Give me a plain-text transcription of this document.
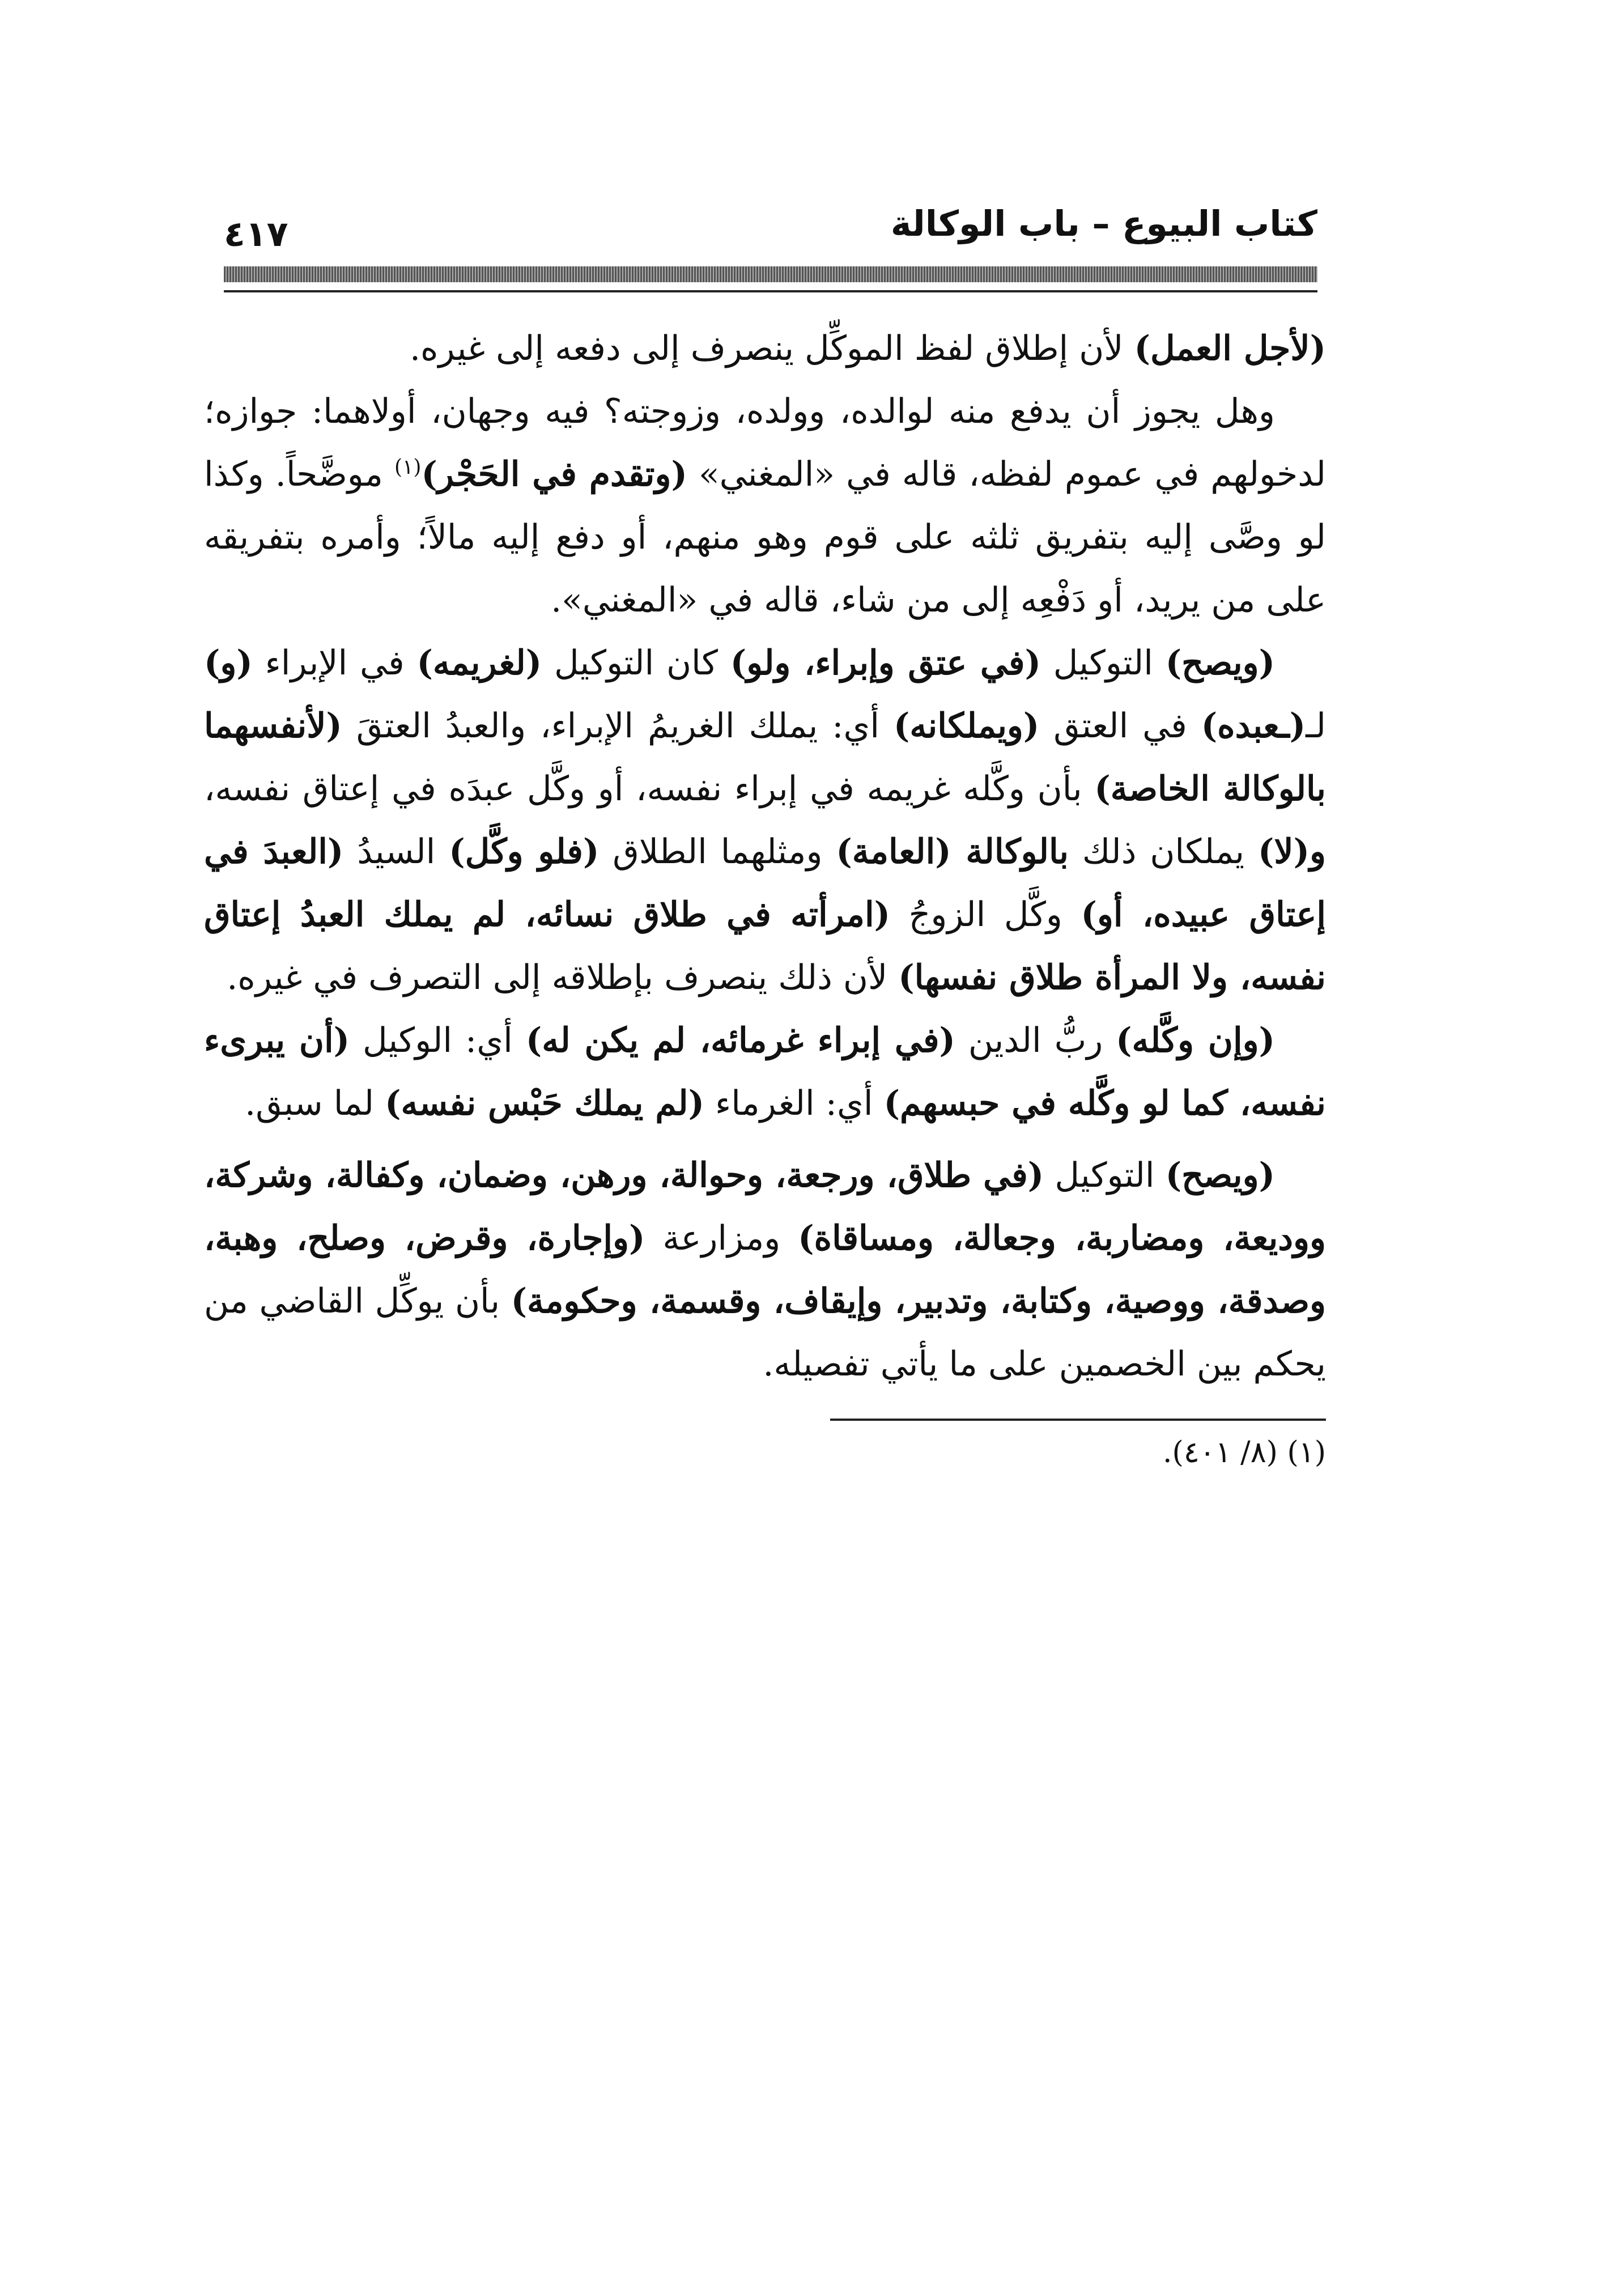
كتاب البيوع – باب الوكالة
٤١٧

(لأجل العمل) لأن إطلاق لفظ الموكِّل ينصرف إلى دفعه إلى غيره.

وهل يجوز أن يدفع منه لوالده، وولده، وزوجته؟ فيه وجهان، أولاهما: جوازه؛ لدخولهم في عموم لفظه، قاله في «المغني» (وتقدم في الحَجْر)$^{(١)}$ موضَّحاً. وكذا لو وصَّى إليه بتفريق ثلثه على قوم وهو منهم، أو دفع إليه مالاً؛ وأمره بتفريقه على من يريد، أو دَفْعِه إلى من شاء، قاله في «المغني».

(ويصح) التوكيل (في عتق وإبراء، ولو) كان التوكيل (لغريمه) في الإبراء (و) لـ(ـعبده) في العتق (ويملكانه) أي: يملك الغريمُ الإبراء، والعبدُ العتقَ (لأنفسهما بالوكالة الخاصة) بأن وكَّله غريمه في إبراء نفسه، أو وكَّل عبدَه في إعتاق نفسه، و(لا) يملكان ذلك بالوكالة (العامة) ومثلهما الطلاق (فلو وكَّل) السيدُ (العبدَ في إعتاق عبيده، أو) وكَّل الزوجُ (امرأته في طلاق نسائه، لم يملك العبدُ إعتاق نفسه، ولا المرأة طلاق نفسها) لأن ذلك ينصرف بإطلاقه إلى التصرف في غيره.

(وإن وكَّله) ربُّ الدين (في إبراء غرمائه، لم يكن له) أي: الوكيل (أن يبرىء نفسه، كما لو وكَّله في حبسهم) أي: الغرماء (لم يملك حَبْس نفسه) لما سبق.

(ويصح) التوكيل (في طلاق، ورجعة، وحوالة، ورهن، وضمان، وكفالة، وشركة، ووديعة، ومضاربة، وجعالة، ومساقاة) ومزارعة (وإجارة، وقرض، وصلح، وهبة، وصدقة، ووصية، وكتابة، وتدبير، وإيقاف، وقسمة، وحكومة) بأن يوكِّل القاضي من يحكم بين الخصمين على ما يأتي تفصيله.

(١) (٨/ ٤٠١).
